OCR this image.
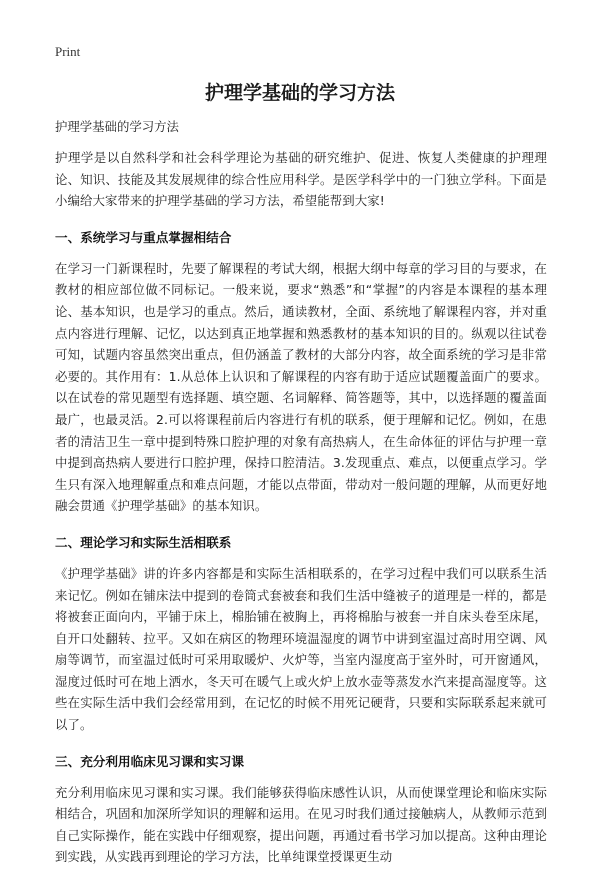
Print
护理学基础的学习方法
护理学基础的学习方法

护理学是以自然科学和社会科学理论为基础的研究维护、促进、恢复人类健康的护理理论、知识、技能及其发展规律的综合性应用科学。是医学科学中的一门独立学科。下面是小编给大家带来的护理学基础的学习方法，希望能帮到大家!

一、系统学习与重点掌握相结合

在学习一门新课程时，先要了解课程的考试大纲，根据大纲中每章的学习目的与要求，在教材的相应部位做不同标记。一般来说，要求“熟悉”和“掌握”的内容是本课程的基本理论、基本知识，也是学习的重点。然后，通读教材，全面、系统地了解课程内容，并对重点内容进行理解、记忆，以达到真正地掌握和熟悉教材的基本知识的目的。纵观以往试卷可知，试题内容虽然突出重点，但仍涵盖了教材的大部分内容，故全面系统的学习是非常必要的。其作用有：1.从总体上认识和了解课程的内容有助于适应试题覆盖面广的要求。以在试卷的常见题型有选择题、填空题、名词解释、简答题等，其中，以选择题的覆盖面最广，也最灵活。2.可以将课程前后内容进行有机的联系，便于理解和记忆。例如，在患者的清洁卫生一章中提到特殊口腔护理的对象有高热病人，在生命体征的评估与护理一章中提到高热病人要进行口腔护理，保持口腔清洁。3.发现重点、难点，以便重点学习。学生只有深入地理解重点和难点问题，才能以点带面，带动对一般问题的理解，从而更好地融会贯通《护理学基础》的基本知识。

二、理论学习和实际生活相联系

《护理学基础》讲的许多内容都是和实际生活相联系的，在学习过程中我们可以联系生活来记忆。例如在铺床法中提到的卷筒式套被套和我们生活中缝被子的道理是一样的，都是将被套正面向内，平铺于床上，棉胎铺在被胸上，再将棉胎与被套一并自床头卷至床尾，自开口处翻转、拉平。又如在病区的物理环境温湿度的调节中讲到室温过高时用空调、风扇等调节，而室温过低时可采用取暖炉、火炉等，当室内湿度高于室外时，可开窗通风，湿度过低时可在地上洒水，冬天可在暖气上或火炉上放水壶等蒸发水汽来提高湿度等。这些在实际生活中我们会经常用到，在记忆的时候不用死记硬背，只要和实际联系起来就可以了。

三、充分利用临床见习课和实习课

充分利用临床见习课和实习课。我们能够获得临床感性认识，从而使课堂理论和临床实际相结合，巩固和加深所学知识的理解和运用。在见习时我们通过接触病人，从教师示范到自己实际操作，能在实践中仔细观察，提出问题，再通过看书学习加以提高。这种由理论到实践，从实践再到理论的学习方法，比单纯课堂授课更生动
